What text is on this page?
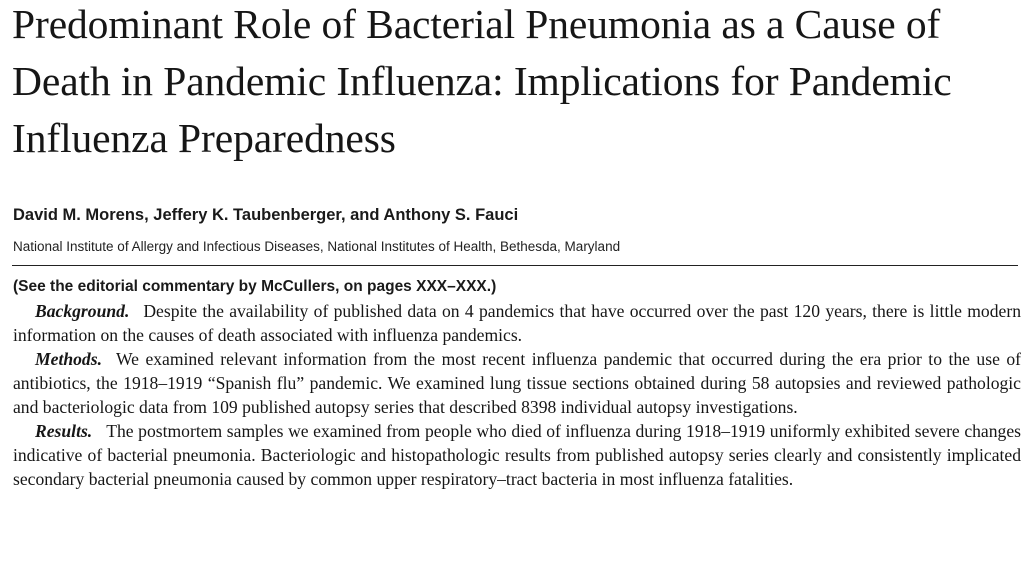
Predominant Role of Bacterial Pneumonia as a Cause of Death in Pandemic Influenza: Implications for Pandemic Influenza Preparedness

David M. Morens, Jeffery K. Taubenberger, and Anthony S. Fauci

National Institute of Allergy and Infectious Diseases, National Institutes of Health, Bethesda, Maryland

(See the editorial commentary by McCullers, on pages XXX–XXX.)

Background. Despite the availability of published data on 4 pandemics that have occurred over the past 120 years, there is little modern information on the causes of death associated with influenza pandemics.

Methods. We examined relevant information from the most recent influenza pandemic that occurred during the era prior to the use of antibiotics, the 1918–1919 “Spanish flu” pandemic. We examined lung tissue sections obtained during 58 autopsies and reviewed pathologic and bacteriologic data from 109 published autopsy series that described 8398 individual autopsy investigations.

Results. The postmortem samples we examined from people who died of influenza during 1918–1919 uniformly exhibited severe changes indicative of bacterial pneumonia. Bacteriologic and histopathologic results from published autopsy series clearly and consistently implicated secondary bacterial pneumonia caused by common upper respiratory–tract bacteria in most influenza fatalities.
